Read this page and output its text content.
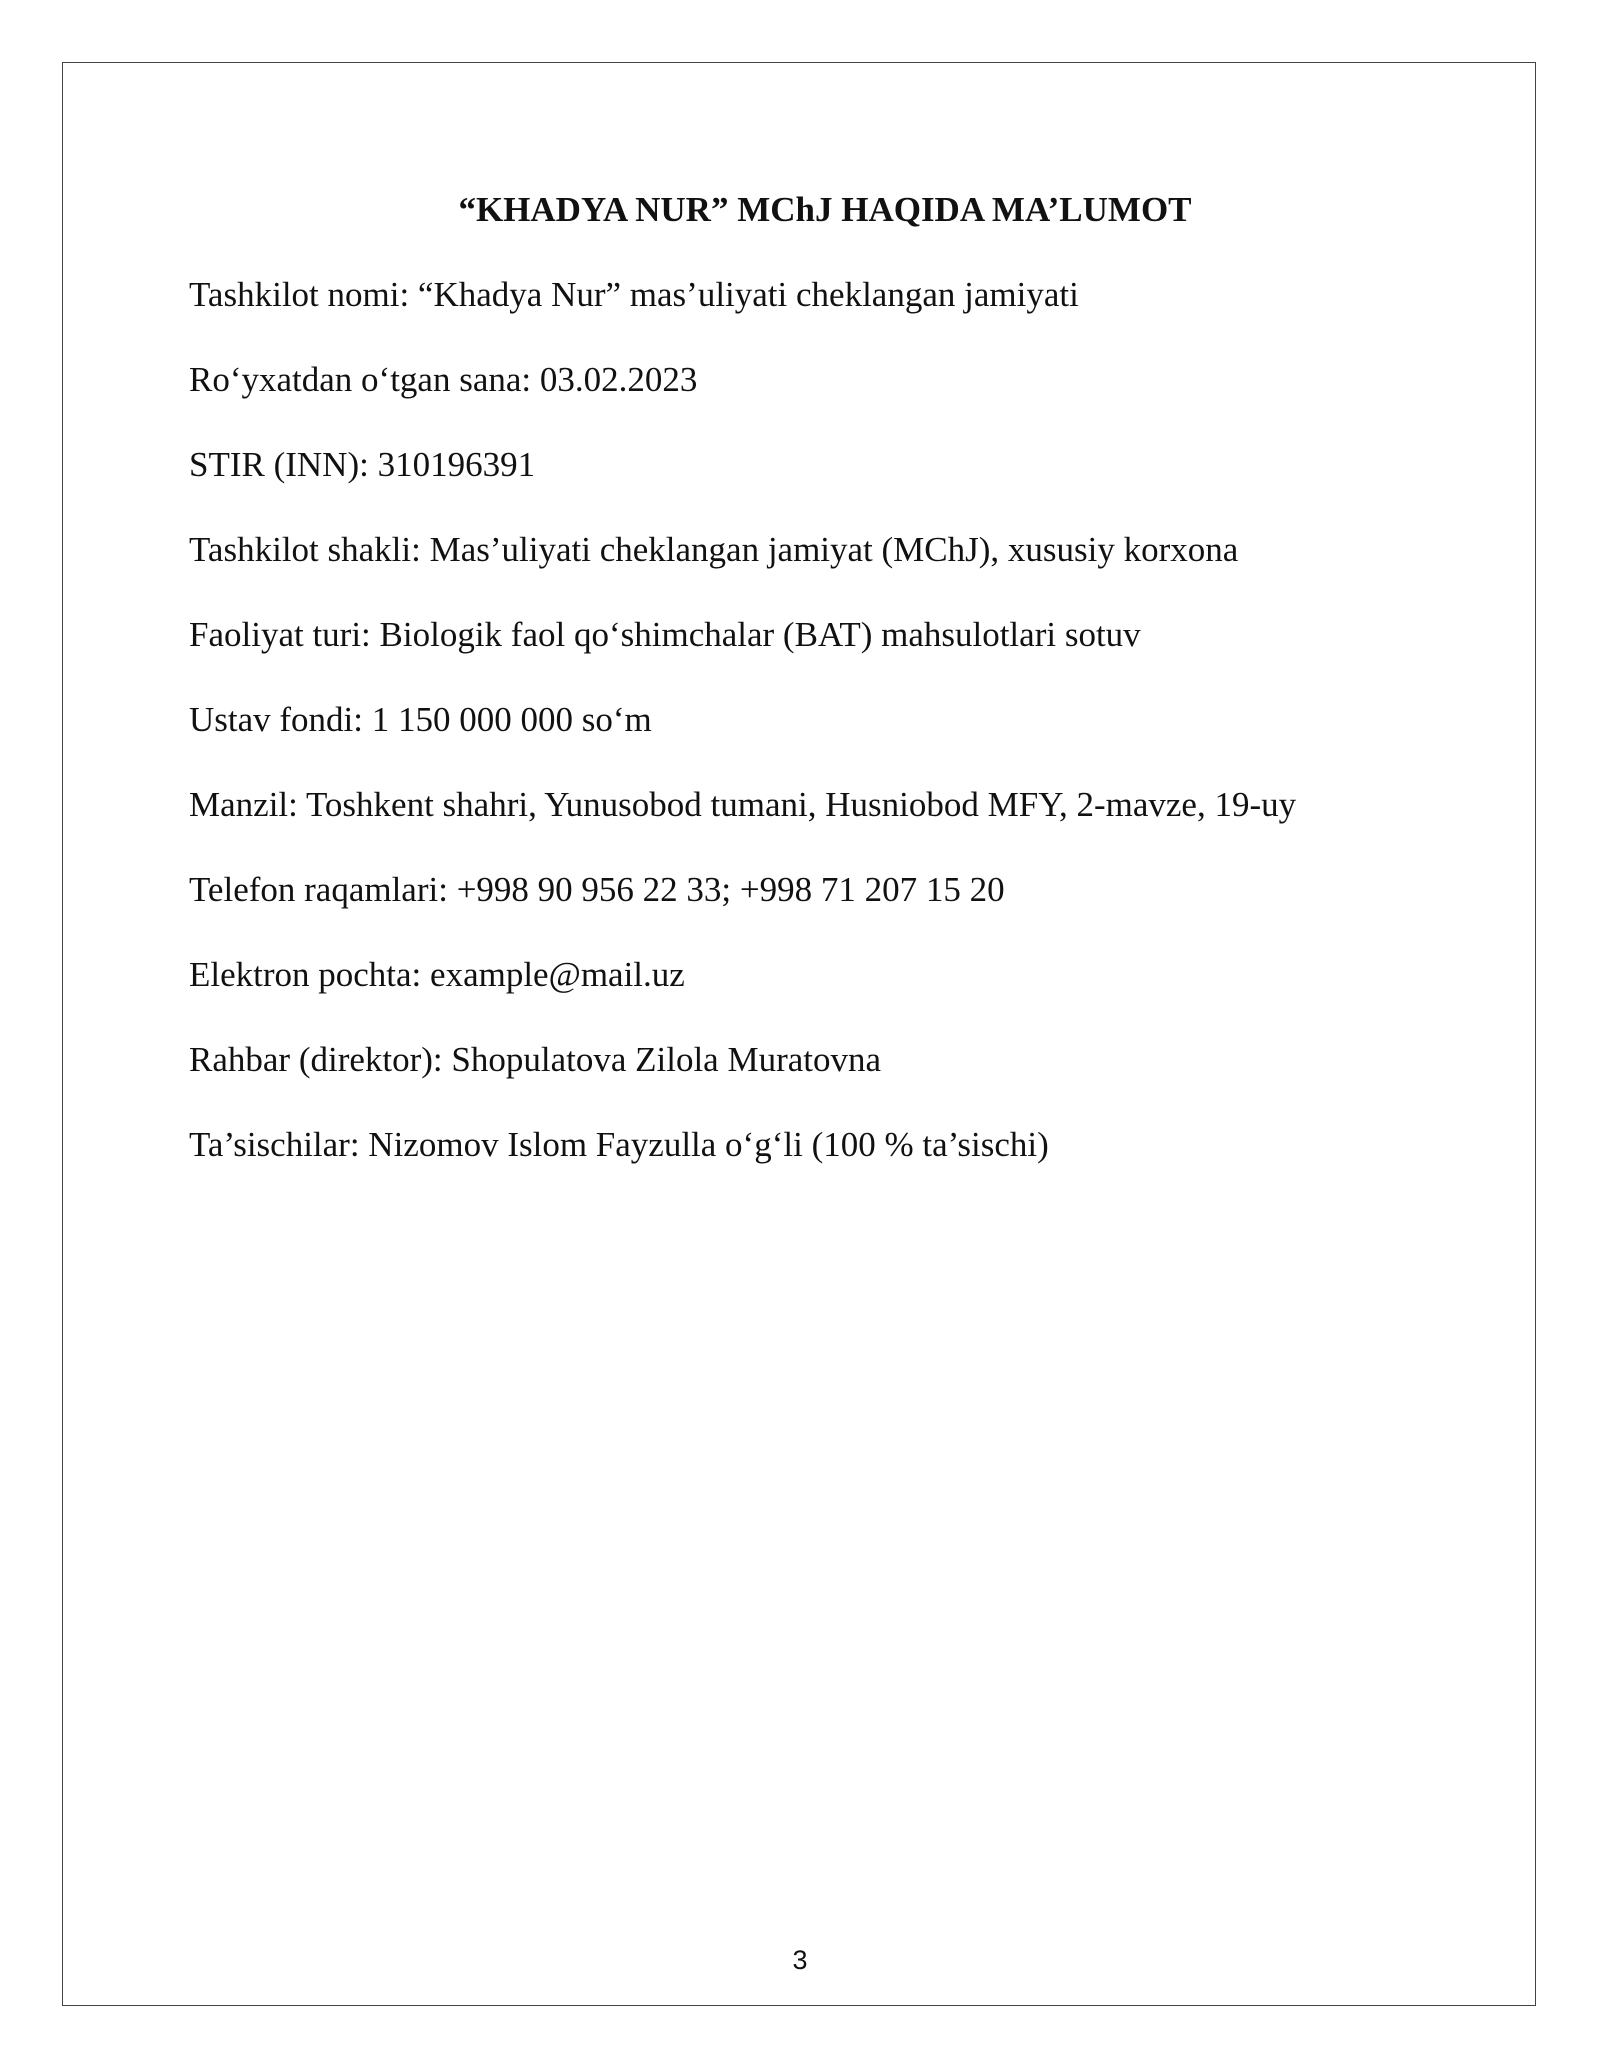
“KHADYA NUR” MChJ HAQIDA MA’LUMOT
Tashkilot nomi: “Khadya Nur” mas’uliyati cheklangan jamiyati
Ro‘yxatdan o‘tgan sana: 03.02.2023
STIR (INN): 310196391
Tashkilot shakli: Mas’uliyati cheklangan jamiyat (MChJ), xususiy korxona
Faoliyat turi: Biologik faol qo‘shimchalar (BAT) mahsulotlari sotuv
Ustav fondi: 1 150 000 000 so‘m
Manzil: Toshkent shahri, Yunusobod tumani, Husniobod MFY, 2-mavze, 19-uy
Telefon raqamlari: +998 90 956 22 33; +998 71 207 15 20
Elektron pochta: example@mail.uz
Rahbar (direktor): Shopulatova Zilola Muratovna
Ta’sischilar: Nizomov Islom Fayzulla o‘g‘li (100 % ta’sischi)
3
